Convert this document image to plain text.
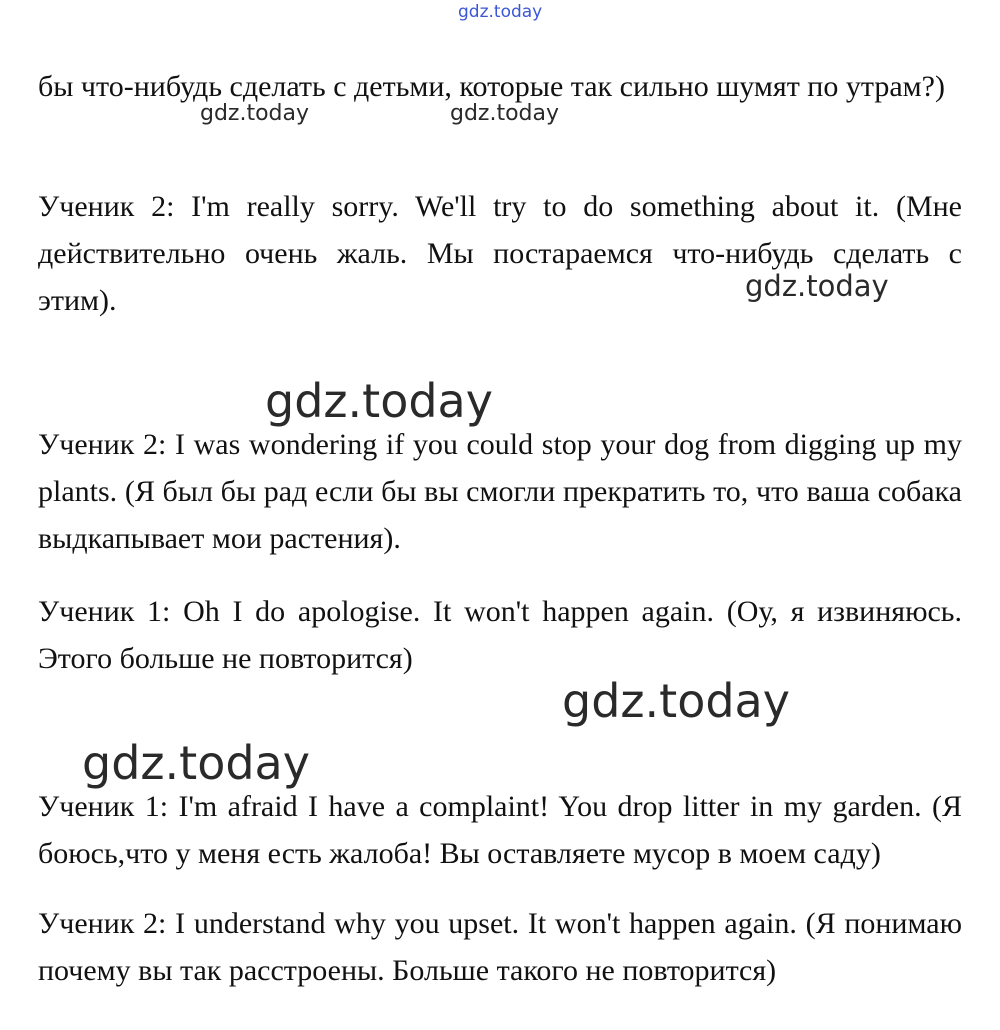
gdz.today

бы что-нибудь сделать с детьми, которые так сильно шумят по утрам?)

gdz.today	gdz.today

Ученик 2: I'm really sorry. We'll try to do something about it. (Мне действительно очень жаль. Мы постараемся что-нибудь сделать с этим).	gdz.today
gdz.today

Ученик 2: I was wondering if you could stop your dog from digging up my plants. (Я был бы рад если бы вы смогли прекратить то, что ваша собака выдкапывает мои растения).

Ученик 1: Oh I do apologise. It won't happen again. (Оу, я извиняюсь. Этого больше не повторится)

gdz.today
gdz.today

Ученик 1: I'm afraid I have a complaint! You drop litter in my garden. (Я боюсь,что у меня есть жалоба! Вы оставляете мусор в моем саду)

Ученик 2: I understand why you upset. It won't happen again. (Я понимаю почему вы так расстроены. Больше такого не повторится)
